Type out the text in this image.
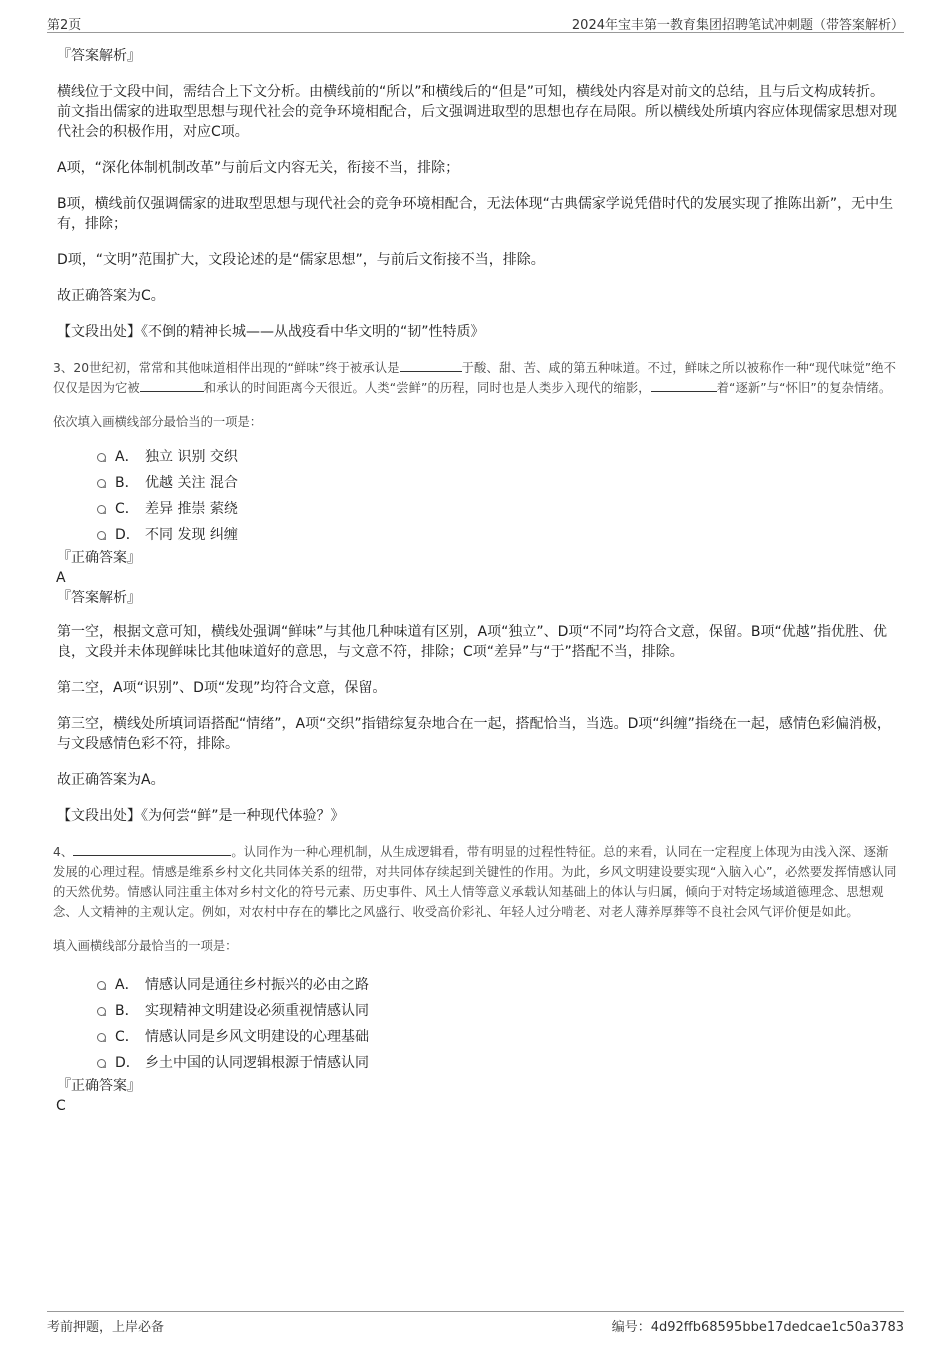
第2页	2024年宝丰第一教育集团招聘笔试冲刺题（带答案解析）

『答案解析』

横线位于文段中间，需结合上下文分析。由横线前的“所以”和横线后的“但是”可知，横线处内容是对前文的总结，且与后文构成转折。前文指出儒家的进取型思想与现代社会的竞争环境相配合，后文强调进取型的思想也存在局限。所以横线处所填内容应体现儒家思想对现代社会的积极作用，对应C项。

A项，“深化体制机制改革”与前后文内容无关，衔接不当，排除；

B项，横线前仅强调儒家的进取型思想与现代社会的竞争环境相配合，无法体现“古典儒家学说凭借时代的发展实现了推陈出新”，无中生有，排除；

D项，“文明”范围扩大，文段论述的是“儒家思想”，与前后文衔接不当，排除。

故正确答案为C。

【文段出处】《不倒的精神长城——从战疫看中华文明的“韧”性特质》

3、20世纪初，常常和其他味道相伴出现的“鲜味”终于被承认是	于酸、甜、苦、咸的第五种味道。不过，鲜味之所以被称作一种“现代味觉”绝不仅仅是因为它被	和承认的时间距离今天很近。人类“尝鲜”的历程，同时也是人类步入现代的缩影，	着“逐新”与“怀旧”的复杂情绪。

依次填入画横线部分最恰当的一项是：

A． 独立 识别 交织
B． 优越 关注 混合
C． 差异 推崇 萦绕
D． 不同 发现 纠缠

『正确答案』

A

『答案解析』

第一空，根据文意可知，横线处强调“鲜味”与其他几种味道有区别，A项“独立”、D项“不同”均符合文意，保留。B项“优越”指优胜、优良，文段并未体现鲜味比其他味道好的意思，与文意不符，排除；C项“差异”与“于”搭配不当，排除。

第二空，A项“识别”、D项“发现”均符合文意，保留。

第三空，横线处所填词语搭配“情绪”，A项“交织”指错综复杂地合在一起，搭配恰当，当选。D项“纠缠”指绕在一起，感情色彩偏消极，与文段感情色彩不符，排除。

故正确答案为A。

【文段出处】《为何尝“鲜”是一种现代体验？》

4、	。认同作为一种心理机制，从生成逻辑看，带有明显的过程性特征。总的来看，认同在一定程度上体现为由浅入深、逐渐发展的心理过程。情感是维系乡村文化共同体关系的纽带，对共同体存续起到关键性的作用。为此，乡风文明建设要实现“入脑入心”，必然要发挥情感认同的天然优势。情感认同注重主体对乡村文化的符号元素、历史事件、风土人情等意义承载认知基础上的体认与归属，倾向于对特定场域道德理念、思想观念、人文精神的主观认定。例如，对农村中存在的攀比之风盛行、收受高价彩礼、年轻人过分啃老、对老人薄养厚葬等不良社会风气评价便是如此。

填入画横线部分最恰当的一项是：

A． 情感认同是通往乡村振兴的必由之路
B． 实现精神文明建设必须重视情感认同
C． 情感认同是乡风文明建设的心理基础
D． 乡土中国的认同逻辑根源于情感认同

『正确答案』

C

考前押题，上岸必备	编号：4d92ffb68595bbe17dedcae1c50a3783
